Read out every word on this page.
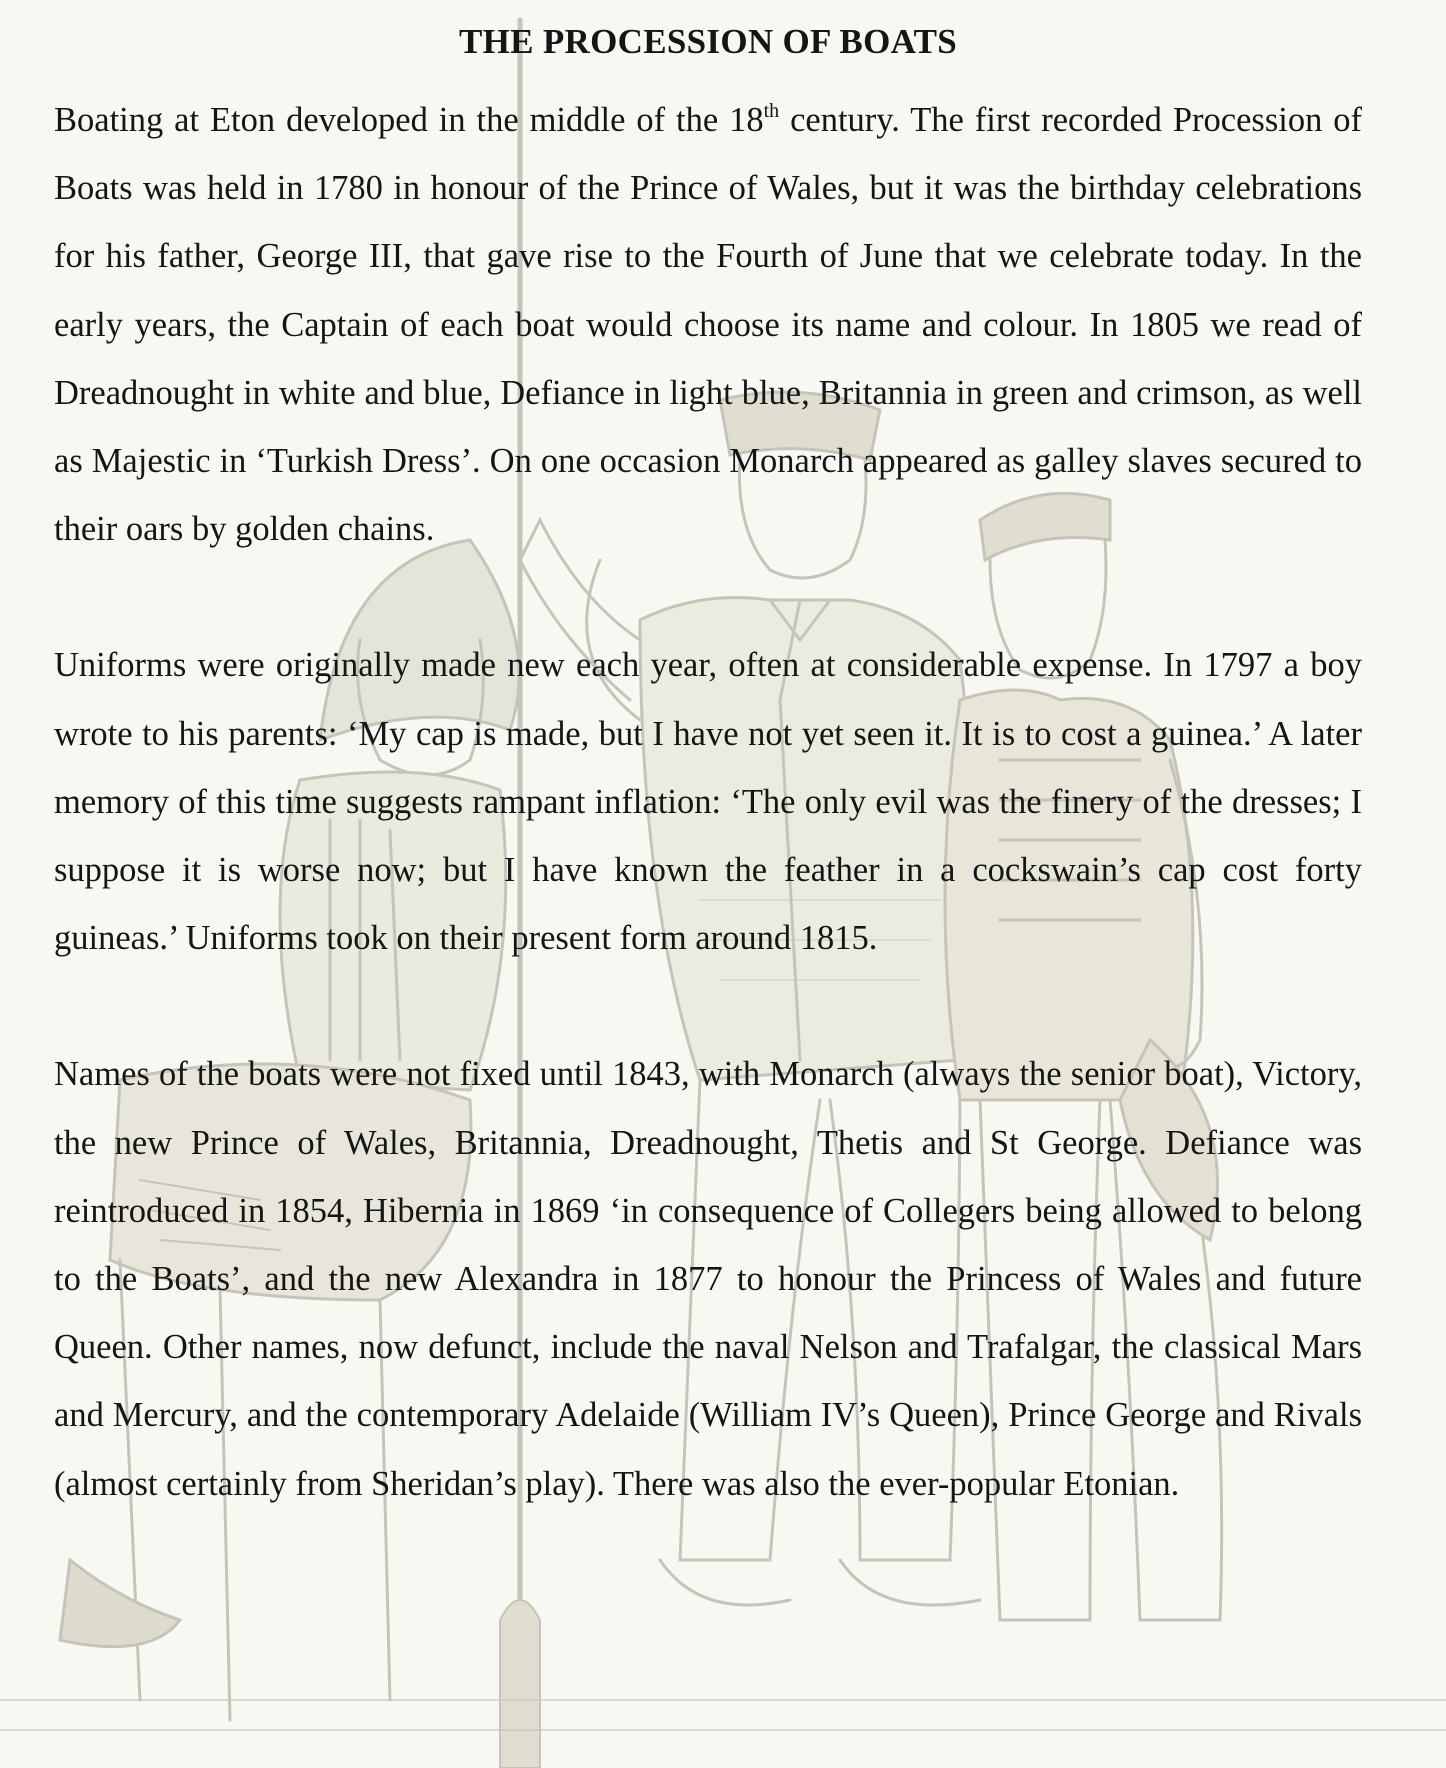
THE PROCESSION OF BOATS

Boating at Eton developed in the middle of the 18th century. The first recorded Procession of Boats was held in 1780 in honour of the Prince of Wales, but it was the birthday celebrations for his father, George III, that gave rise to the Fourth of June that we celebrate today. In the early years, the Captain of each boat would choose its name and colour. In 1805 we read of Dreadnought in white and blue, Defiance in light blue, Britannia in green and crimson, as well as Majestic in ‘Turkish Dress’. On one occasion Monarch appeared as galley slaves secured to their oars by golden chains.

Uniforms were originally made new each year, often at considerable expense. In 1797 a boy wrote to his parents: ‘My cap is made, but I have not yet seen it. It is to cost a guinea.’ A later memory of this time suggests rampant inflation: ‘The only evil was the finery of the dresses; I suppose it is worse now; but I have known the feather in a cockswain’s cap cost forty guineas.’ Uniforms took on their present form around 1815.

Names of the boats were not fixed until 1843, with Monarch (always the senior boat), Victory, the new Prince of Wales, Britannia, Dreadnought, Thetis and St George. Defiance was reintroduced in 1854, Hibernia in 1869 ‘in consequence of Collegers being allowed to belong to the Boats’, and the new Alexandra in 1877 to honour the Princess of Wales and future Queen. Other names, now defunct, include the naval Nelson and Trafalgar, the classical Mars and Mercury, and the contemporary Adelaide (William IV’s Queen), Prince George and Rivals (almost certainly from Sheridan’s play). There was also the ever-popular Etonian.
